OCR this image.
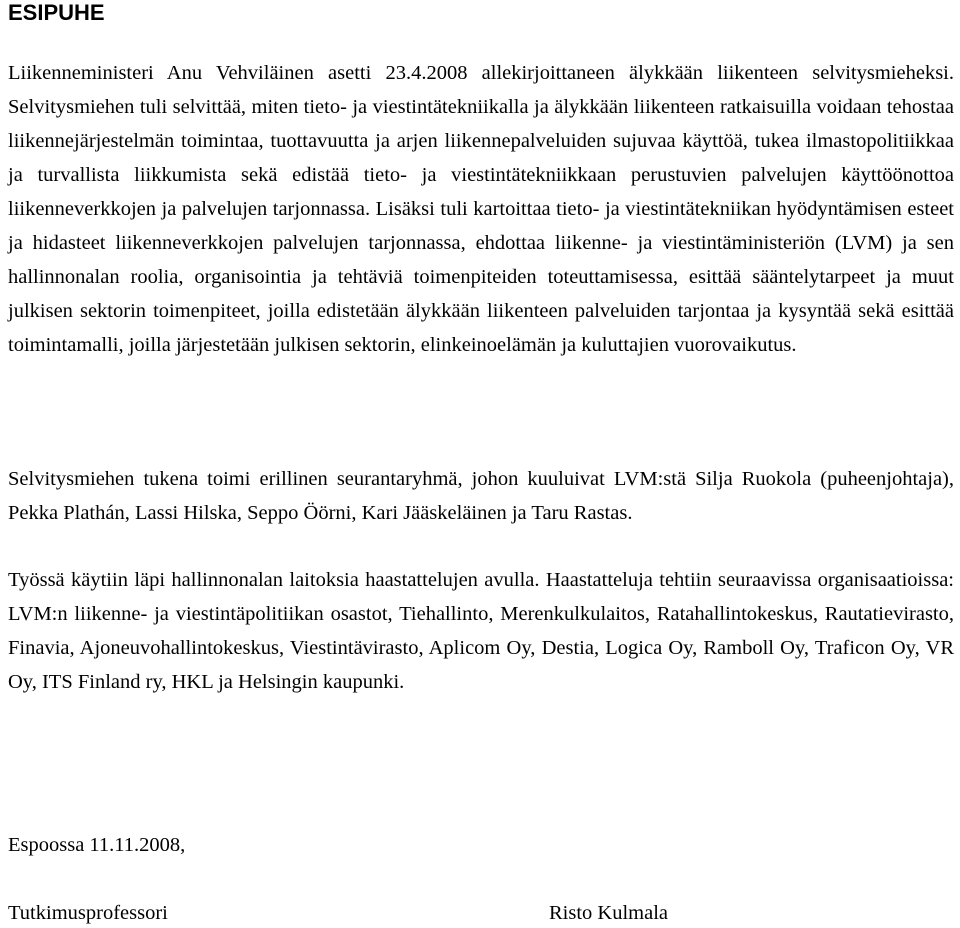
ESIPUHE

Liikenneministeri Anu Vehviläinen asetti 23.4.2008 allekirjoittaneen älykkään liikenteen selvitysmieheksi. Selvitysmiehen tuli selvittää, miten tieto- ja viestintätekniikalla ja älykkään liikenteen ratkaisuilla voidaan tehostaa liikennejärjestelmän toimintaa, tuottavuutta ja arjen liikennepalveluiden sujuvaa käyttöä, tukea ilmastopolitiikkaa ja turvallista liikkumista sekä edistää tieto- ja viestintätekniikkaan perustuvien palvelujen käyttöönottoa liikenneverkkojen ja palvelujen tarjonnassa. Lisäksi tuli kartoittaa tieto- ja viestintätekniikan hyödyntämisen esteet ja hidasteet liikenneverkkojen palvelujen tarjonnassa, ehdottaa liikenne- ja viestintäministeriön (LVM) ja sen hallinnonalan roolia, organisointia ja tehtäviä toimenpiteiden toteuttamisessa, esittää sääntelytarpeet ja muut julkisen sektorin toimenpiteet, joilla edistetään älykkään liikenteen palveluiden tarjontaa ja kysyntää sekä esittää toimintamalli, joilla järjestetään julkisen sektorin, elinkeinoelämän ja kuluttajien vuorovaikutus.

Selvitysmiehen tukena toimi erillinen seurantaryhmä, johon kuuluivat LVM:stä Silja Ruokola (puheenjohtaja), Pekka Plathán, Lassi Hilska, Seppo Öörni, Kari Jääskeläinen ja Taru Rastas.

Työssä käytiin läpi hallinnonalan laitoksia haastattelujen avulla. Haastatteluja tehtiin seuraavissa organisaatioissa: LVM:n liikenne- ja viestintäpolitiikan osastot, Tiehallinto, Merenkulkulaitos, Ratahallintokeskus, Rautatievirasto, Finavia, Ajoneuvohallintokeskus, Viestintävirasto, Aplicom Oy, Destia, Logica Oy, Ramboll Oy, Traficon Oy, VR Oy, ITS Finland ry, HKL ja Helsingin kaupunki.

Espoossa 11.11.2008,

Tutkimusprofessori	Risto Kulmala
